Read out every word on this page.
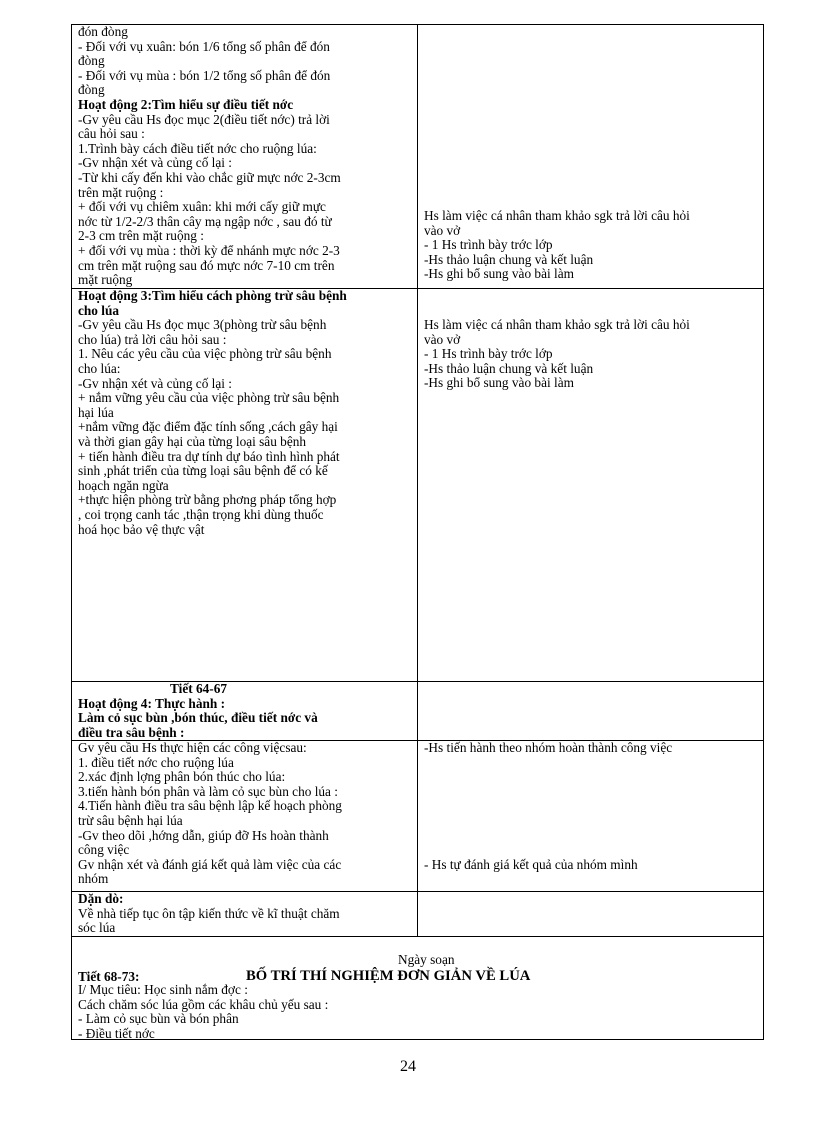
đón đòng
- Đối với vụ xuân: bón 1/6 tổng số phân để đón
đòng
- Đối với vụ mùa : bón 1/2 tổng số phân để đón
đòng
Hoạt động 2:Tìm hiểu sự điều tiết nớc
-Gv yêu cầu Hs đọc mục 2(điều tiết nớc) trả lời
câu hỏi sau :
1.Trình bày cách điều tiết nớc cho ruộng lúa:
-Gv nhận xét và củng cố lại :
-Từ khi cấy đến khi vào chắc giữ mực nớc 2-3cm
trên mặt ruộng :
+ đối với vụ chiêm xuân: khi mới cấy giữ mực
nớc từ 1/2-2/3 thân cây mạ ngập nớc , sau đó từ
2-3 cm trên mặt ruộng :
+ đối với vụ mùa : thời kỳ để nhánh mực nớc 2-3
cm trên mặt ruộng sau đó mực nớc 7-10 cm trên
mặt ruộng
Hs làm việc cá nhân tham khảo sgk trả lời câu hỏi
vào vở
- 1 Hs trình bày trớc lớp
-Hs thảo luận chung và kết luận
-Hs ghi bổ sung vào bài làm
Hoạt động 3:Tìm hiểu cách phòng trừ sâu bệnh
cho lúa
-Gv yêu cầu Hs đọc mục 3(phòng trừ sâu bệnh
cho lúa) trả lời câu hỏi sau :
1. Nêu các yêu cầu của việc phòng trừ sâu bệnh
cho lúa:
-Gv nhận xét và củng cố lại :
+ nắm vững yêu cầu của việc phòng trừ sâu bệnh
hại lúa
+nắm vững đặc điểm đặc tính sống ,cách gây hại
và thời gian gây hại của từng loại sâu bệnh
+ tiến hành điều tra dự tính dự báo tình hình phát
sinh ,phát triển của từng loại sâu bệnh để có kế
hoạch ngăn ngừa
+thực hiện phòng trừ bằng phơng pháp tổng hợp
, coi trọng canh tác ,thận trọng khi dùng thuốc
hoá học bảo vệ thực vật
Hs làm việc cá nhân tham khảo sgk trả lời câu hỏi
vào vở
- 1 Hs trình bày trớc lớp
-Hs thảo luận chung và kết luận
-Hs ghi bổ sung vào bài làm
Tiết 64-67
Hoạt động 4: Thực hành :
Làm cỏ sục bùn ,bón thúc, điều tiết nớc và
điều tra sâu bệnh :
Gv yêu cầu Hs thực hiện các công việcsau:
1. điều tiết nớc cho ruộng lúa
2.xác định lợng phân bón thúc cho lúa:
3.tiến hành bón phân và làm cỏ sục bùn cho lúa :
4.Tiến hành điều tra sâu bệnh lập kế hoạch phòng
trừ sâu bệnh hại lúa
-Gv theo dõi ,hớng dẫn, giúp đỡ Hs hoàn thành
công việc
Gv nhận xét và đánh giá kết quả làm việc của các
nhóm
-Hs tiến hành theo nhóm hoàn thành công việc
- Hs tự đánh giá kết quả của nhóm mình
Dặn dò:
Về nhà tiếp tục ôn tập kiến thức về kĩ thuật chăm
sóc lúa
Ngày soạn
Tiết 68-73:	BỐ TRÍ THÍ NGHIỆM ĐƠN GIẢN VỀ LÚA
I/ Mục tiêu: Học sinh nắm đợc :
Cách chăm sóc lúa gồm các khâu chủ yếu sau :
- Làm cỏ sục bùn và bón phân
- Điều tiết nớc
24
